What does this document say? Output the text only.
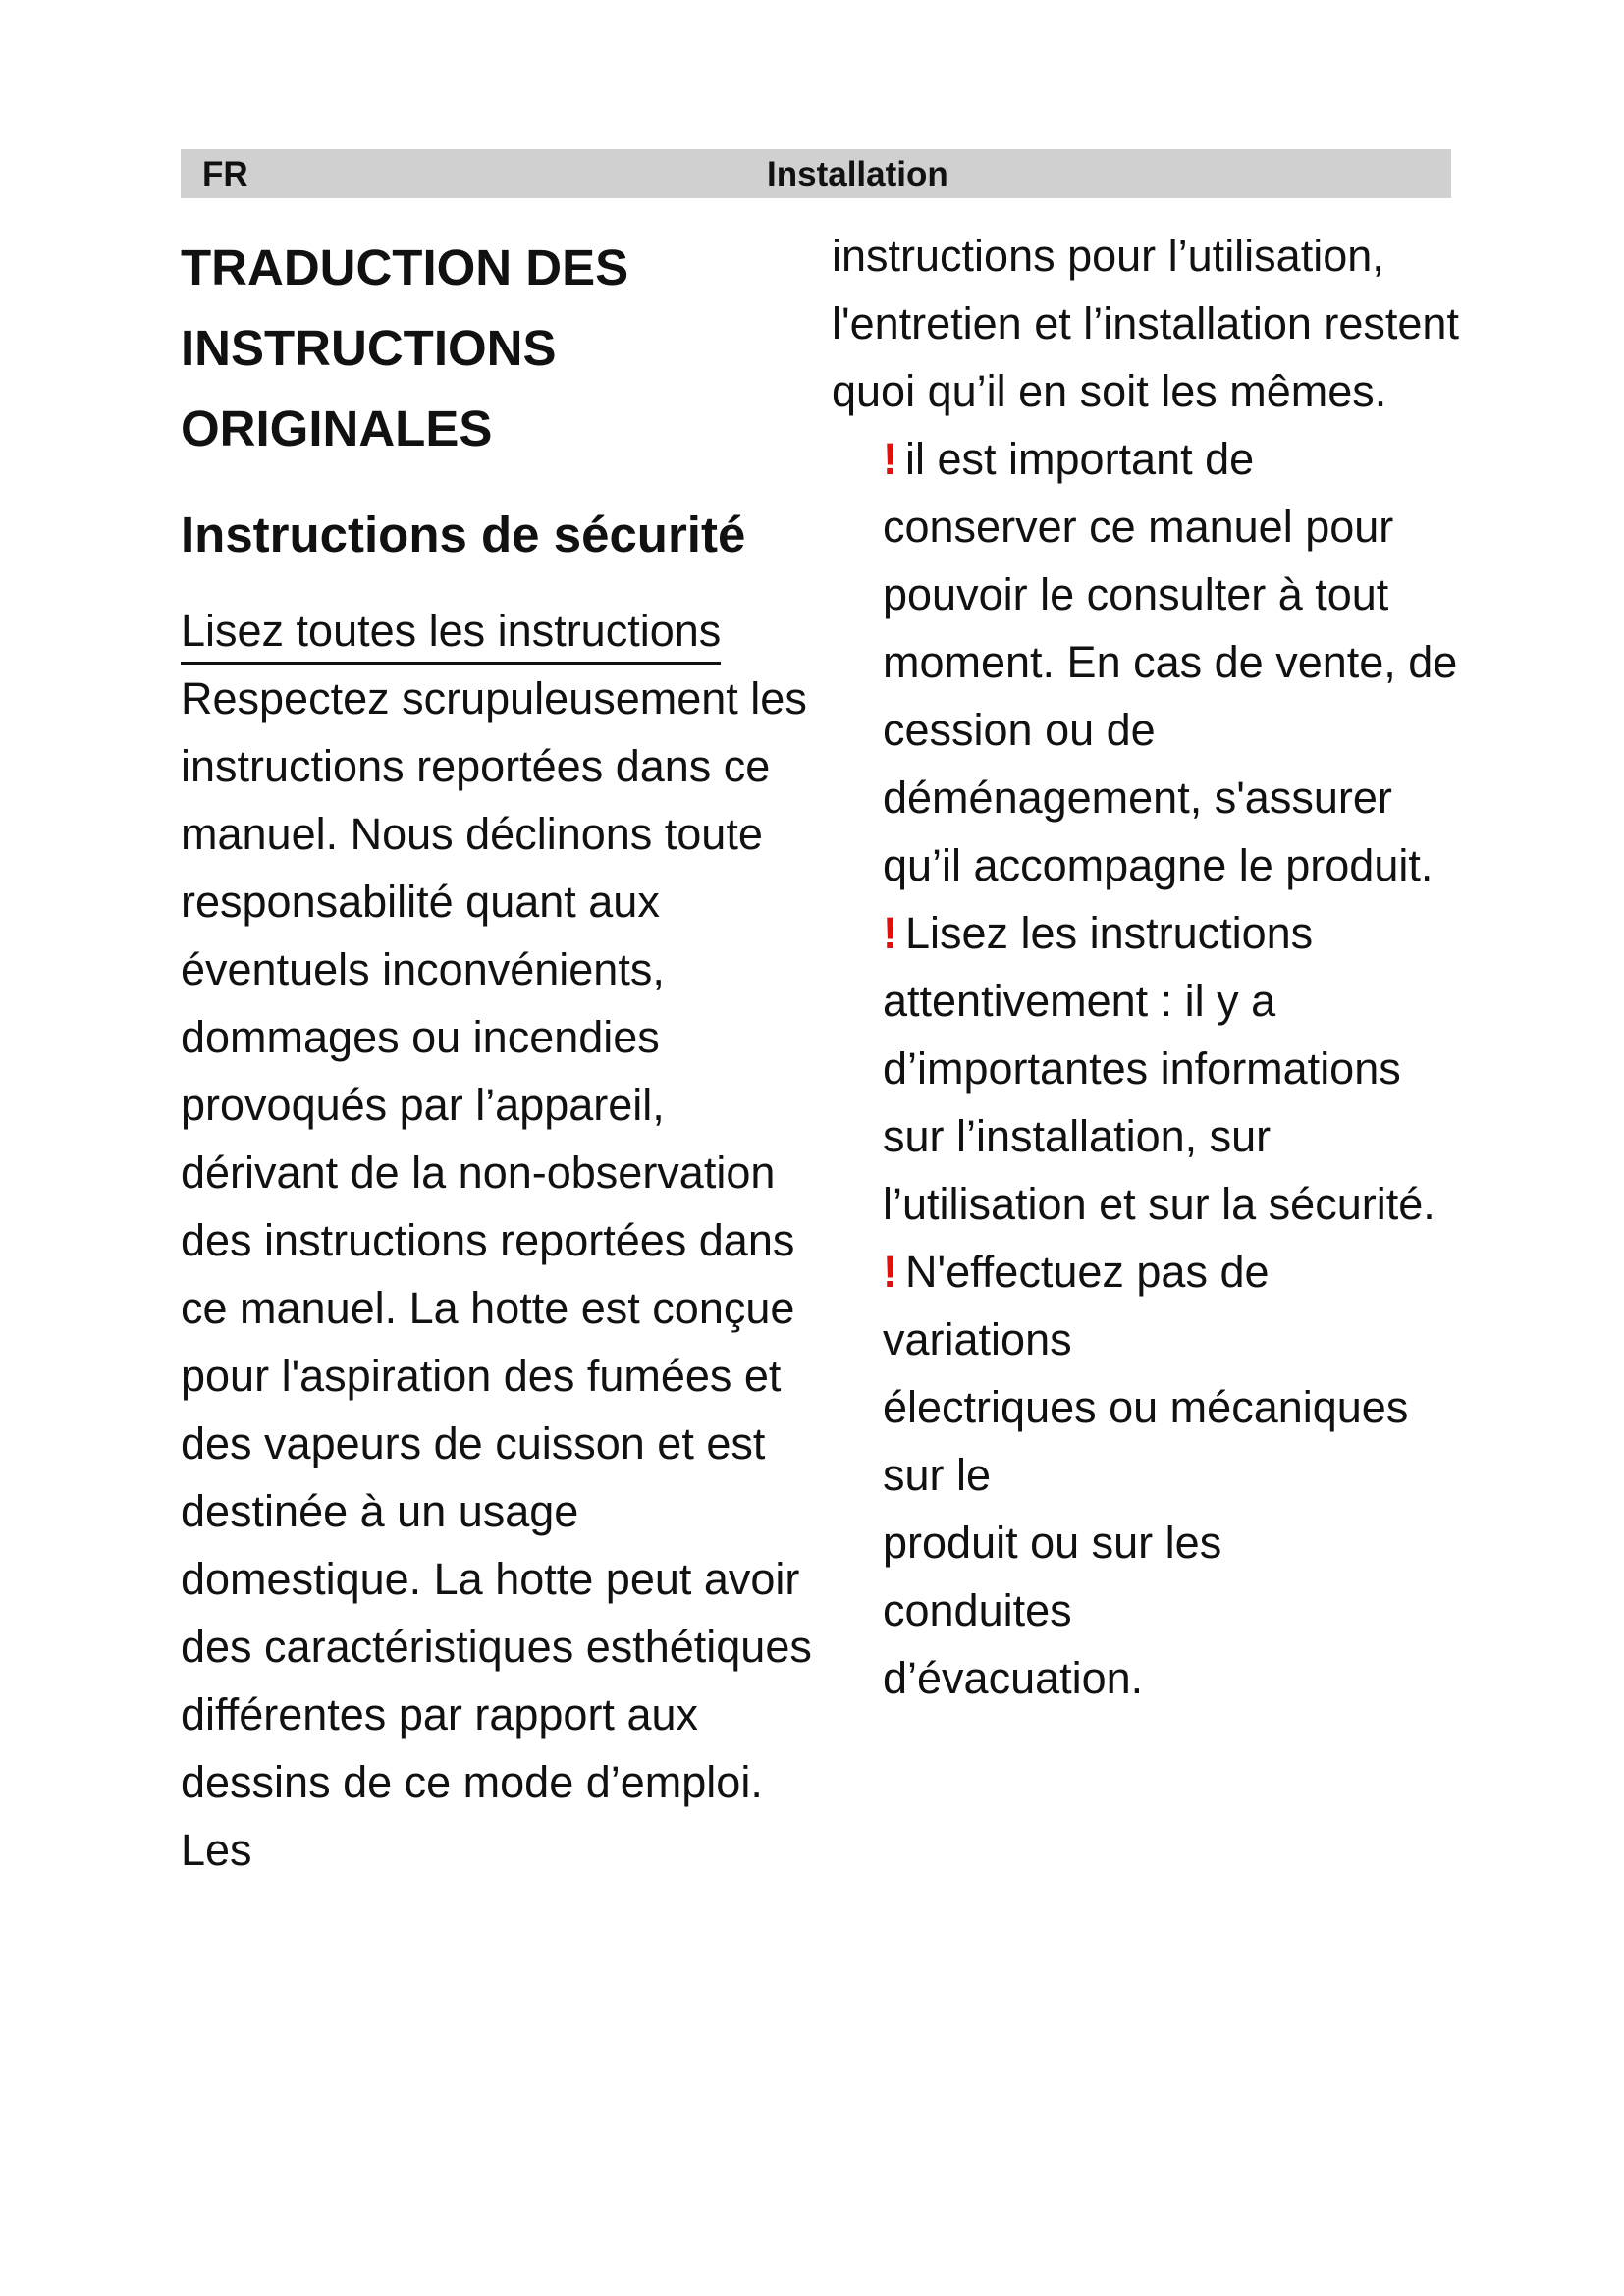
FR	Installation
TRADUCTION DES INSTRUCTIONS ORIGINALES
Instructions de sécurité
Lisez toutes les instructions

Respectez scrupuleusement les instructions reportées dans ce manuel. Nous déclinons toute responsabilité quant aux éventuels inconvénients, dommages ou incendies provoqués par l’appareil, dérivant de la non-observation des instructions reportées dans ce manuel. La hotte est conçue pour l'aspiration des fumées et des vapeurs de cuisson et est destinée à un usage domestique. La hotte peut avoir des caractéristiques esthétiques différentes par rapport aux dessins de ce mode d’emploi. Les

instructions pour l’utilisation, l'entretien et l’installation restent quoi qu’il en soit les mêmes.

! il est important de conserver ce manuel pour pouvoir le consulter à tout moment. En cas de vente, de cession ou de déménagement, s'assurer qu’il accompagne le produit.

! Lisez les instructions attentivement : il y a d’importantes informations sur l’installation, sur l’utilisation et sur la sécurité.

! N'effectuez pas de
variations
électriques ou mécaniques
sur le
produit ou sur les
conduites
d’évacuation.
